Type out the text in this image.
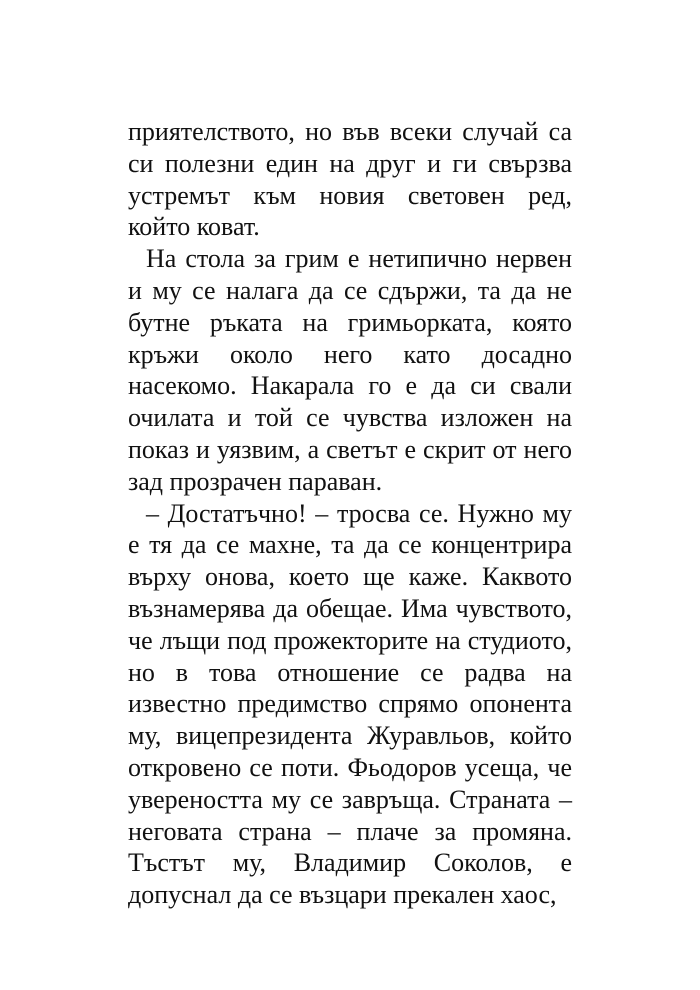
приятелството, но във всеки случай са си полезни един на друг и ги свързва устремът към новия световен ред, който коват.

На стола за грим е нетипично нервен и му се налага да се сдържи, та да не бутне ръката на гримьорката, която кръжи около него като досадно насекомо. Накарала го е да си свали очилата и той се чувства изложен на показ и уязвим, а светът е скрит от него зад прозрачен параван.

– Достатъчно! – тросва се. Нужно му е тя да се махне, та да се концентрира върху онова, което ще каже. Каквото възнамерява да обещае. Има чувството, че лъщи под прожекторите на студиото, но в това отношение се радва на известно предимство спрямо опонента му, вицепрезидента Журавльов, който откровено се поти. Фьодоров усеща, че увереността му се завръща. Страната – неговата страна – плаче за промяна. Тъстът му, Владимир Соколов, е допуснал да се възцари прекален хаос,
